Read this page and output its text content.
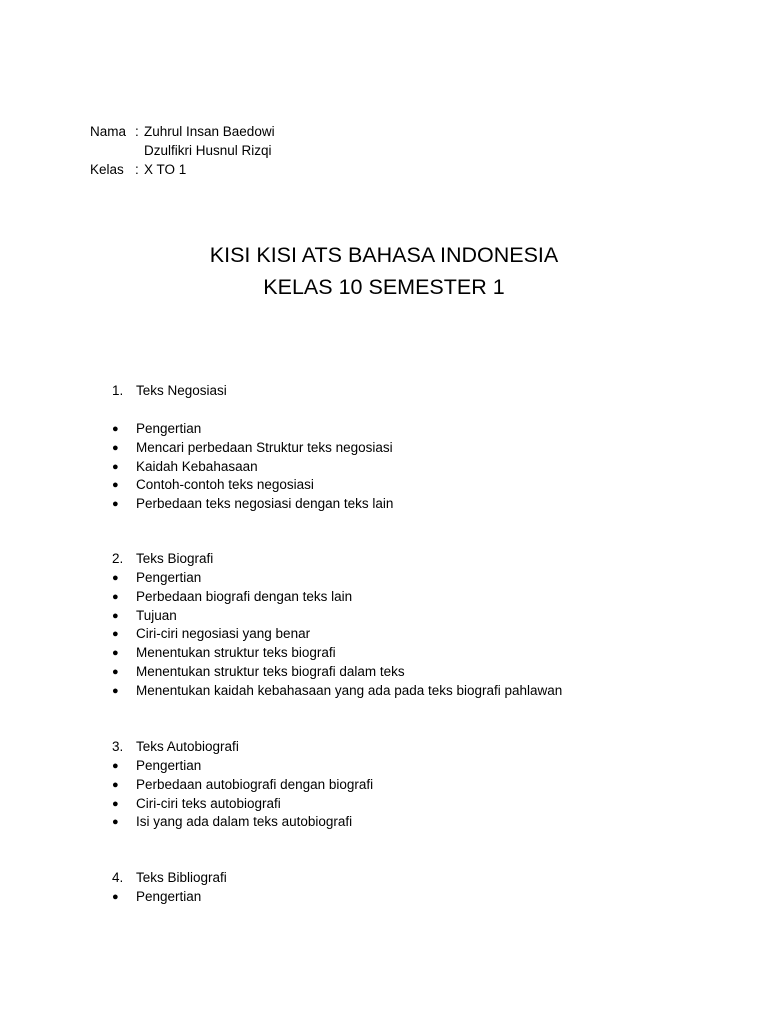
Nama : Zuhrul Insan Baedowi
Dzulfikri Husnul Rizqi
Kelas : X TO 1
KISI KISI ATS BAHASA INDONESIA
KELAS 10 SEMESTER 1
1. Teks Negosiasi
●	Pengertian
●	Mencari perbedaan Struktur teks negosiasi
●	Kaidah Kebahasaan
●	Contoh-contoh teks negosiasi
●	Perbedaan teks negosiasi dengan teks lain
2. Teks Biografi
●	Pengertian
●	Perbedaan biografi dengan teks lain
●	Tujuan
●	Ciri-ciri negosiasi yang benar
●	Menentukan struktur teks biografi
●	Menentukan struktur teks biografi dalam teks
●	Menentukan kaidah kebahasaan yang ada pada teks biografi pahlawan
3. Teks Autobiografi
●	Pengertian
●	Perbedaan autobiografi dengan biografi
●	Ciri-ciri teks autobiografi
●	Isi yang ada dalam teks autobiografi
4. Teks Bibliografi
●	Pengertian
